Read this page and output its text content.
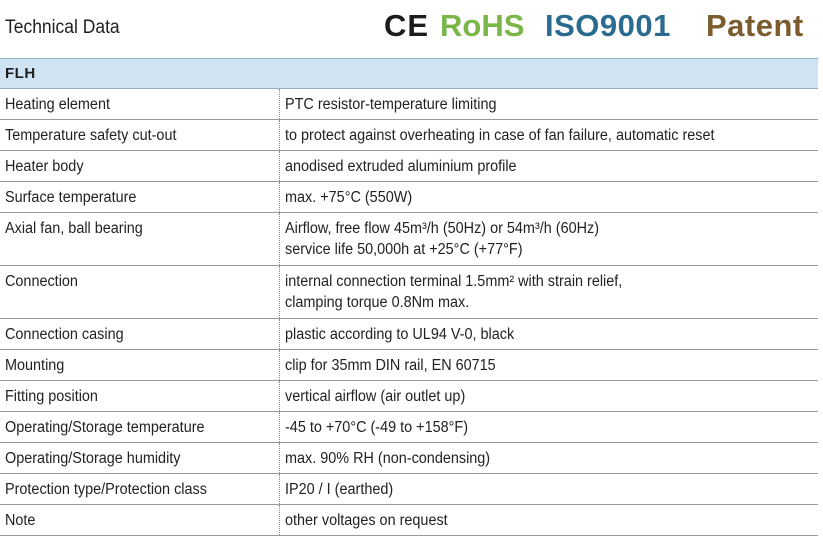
Technical Data	CE RoHS ISO9001 Patent
FLH
Heating element	PTC resistor-temperature limiting
Temperature safety cut-out	to protect against overheating in case of fan failure, automatic reset
Heater body	anodised extruded aluminium profile
Surface temperature	max. +75°C (550W)
Axial fan, ball bearing	Airflow, free flow 45m³/h (50Hz) or 54m³/h (60Hz)
service life 50,000h at +25°C (+77°F)
Connection	internal connection terminal 1.5mm² with strain relief,
clamping torque 0.8Nm max.
Connection casing	plastic according to UL94 V-0, black
Mounting	clip for 35mm DIN rail, EN 60715
Fitting position	vertical airflow (air outlet up)
Operating/Storage temperature	-45 to +70°C (-49 to +158°F)
Operating/Storage humidity	max. 90% RH (non-condensing)
Protection type/Protection class	IP20 / I (earthed)
Note	other voltages on request
